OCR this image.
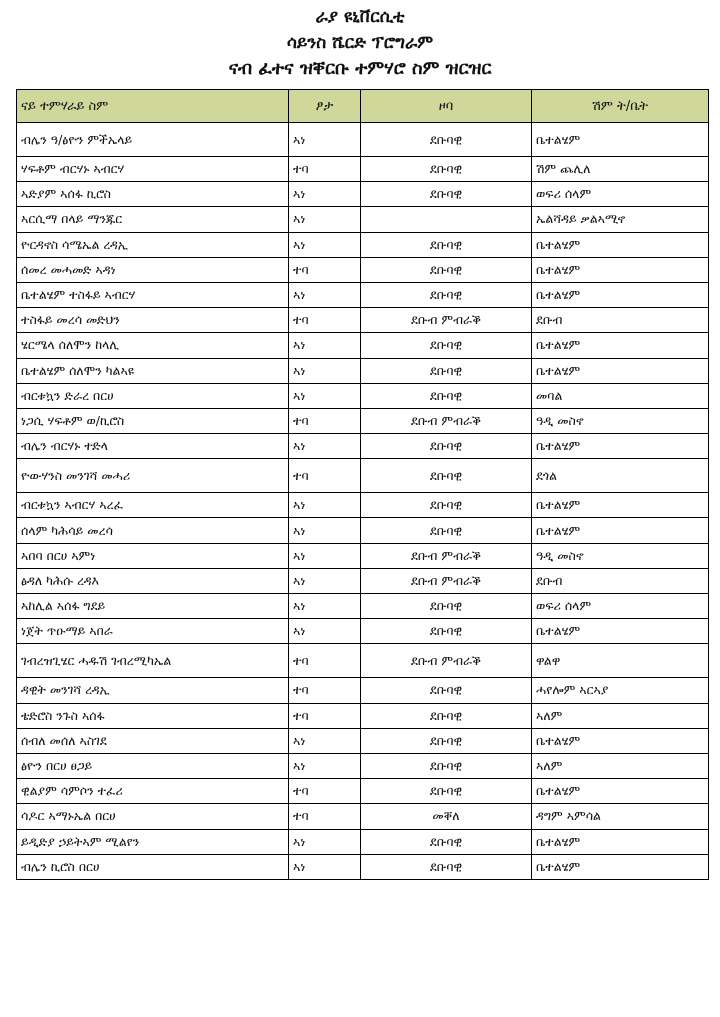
ራያ ዩኒቨርሲቲ
ሳይንስ ሼርድ ፕሮግራም
ናብ ፈተና ዝቐርቡ ተምሃሮ ስም ዝርዝር
ናይ ተምሃራይ ስም	ፆታ	ዞባ	ሽም ት/ቤት
ብሌን ዓ/ፅዮን ምችኤላይ	ኣነ	ደቡባዊ	ቤተልሄም
ሃፍቶም ብርሃኑ ኣብርሃ	ተባ	ደቡባዊ	ሽም ጨሊለ
ኣድያም ኣሰፋ ኪሮስ	ኣነ	ደቡባዊ	ወፍሪ ሰላም
ኣርሲማ በላይ ማንጁር	ኣነ		ኤልሻዳይ ቃልኣሚኖ
ዮርዳኖስ ሳሜኤል ረዳኢ	ኣነ	ደቡባዊ	ቤተልሄም
ሰመረ መሓመድ ኣዳነ	ተባ	ደቡባዊ	ቤተልሄም
ቤተልሄም ተስፋይ ኣብርሃ	ኣነ	ደቡባዊ	ቤተልሄም
ተስፋይ መረሳ መድህን	ተባ	ደቡብ ምብራቕ	ደቡብ
ሄርሜላ ሰለሞን ከላሊ	ኣነ	ደቡባዊ	ቤተልሄም
ቤተልሄም ሰለሞን ካልኣዩ	ኣነ	ደቡባዊ	ቤተልሄም
ብርቱኳን ድራረ በርሀ	ኣነ	ደቡባዊ	መባል
ነጋሲ ሃፍቶም ወ/ኪሮስ	ተባ	ደቡብ ምብራቕ	ዓዲ መስኖ
ብሌን ብርሃኑ ተድላ	ኣነ	ደቡባዊ	ቤተልሄም
ዮውሃንስ መንገሻ መሓሪ	ተባ	ደቡባዊ	ደጎል
ብርቱኳን ኣብርሃ ኣረፈ	ኣነ	ደቡባዊ	ቤተልሄም
ሰላም ካሕሳይ መረሳ	ኣነ	ደቡባዊ	ቤተልሄም
ኣበባ በርሀ ኣምነ	ኣነ	ደቡብ ምብራቕ	ዓዲ መስኖ
ፅዳለ ካሕሱ ረዳእ	ኣነ	ደቡብ ምብራቕ	ደቡብ
ኣከሊል ኣሰፋ ግደይ	ኣነ	ደቡባዊ	ወፍሪ ሰላም
ነጀት ጥዑማይ ኣበራ	ኣነ	ደቡባዊ	ቤተልሄም
ገብረዝጊሄር ሓዱሽ ገብረሚካኤል	ተባ	ደቡብ ምብራቕ	ዋልዋ
ዳዊት መንገሻ ረዳኢ	ተባ	ደቡባዊ	ሓየሎም ኣርኣያ
ቴድሮስ ንጉስ ኣሰፋ	ተባ	ደቡባዊ	ኣለም
ሰብለ መሰለ ኣስገደ	ኣነ	ደቡባዊ	ቤተልሄም
ፅዮን በርሀ ፀጋይ	ኣነ	ደቡባዊ	ኣለም
ዊልያም ሳምሶን ተፈሪ	ተባ	ደቡባዊ	ቤተልሄም
ሳዶር ኣማኑኤል በርሀ	ተባ	መቐለ	ዳግም ኣምሳል
ይዲድያ ኃይትኣም ሚልየን	ኣነ	ደቡባዊ	ቤተልሄም
ብሌን ኪሮስ በርሀ	ኣነ	ደቡባዊ	ቤተልሄም
